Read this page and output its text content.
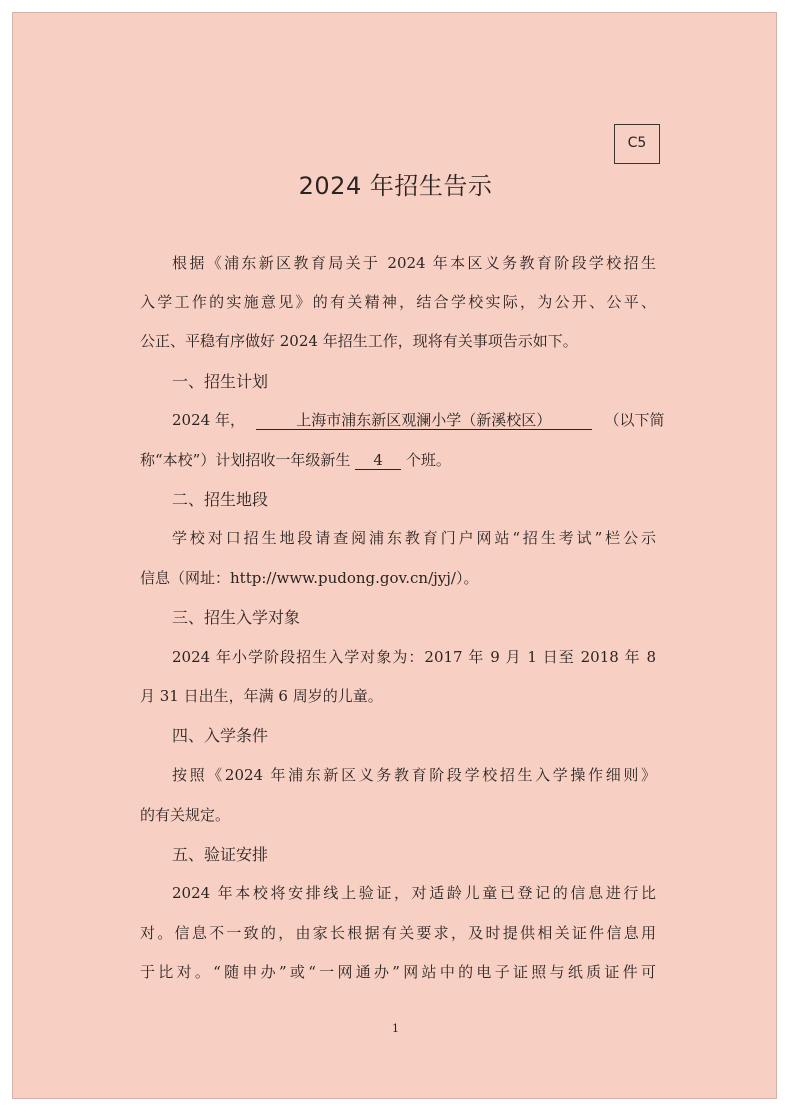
C5
2024 年招生告示
根据《浦东新区教育局关于 2024 年本区义务教育阶段学校招生
入学工作的实施意见》的有关精神，结合学校实际，为公开、公平、
公正、平稳有序做好 2024 年招生工作，现将有关事项告示如下。
一、招生计划
2024 年，	上海市浦东新区观澜小学（新溪校区）	（以下简
称“本校”）计划招收一年级新生 4 个班。
二、招生地段
学校对口招生地段请查阅浦东教育门户网站“招生考试”栏公示
信息（网址：http://www.pudong.gov.cn/jyj/）。
三、招生入学对象
2024 年小学阶段招生入学对象为：2017 年 9 月 1 日至 2018 年 8
月 31 日出生，年满 6 周岁的儿童。
四、入学条件
按照《2024 年浦东新区义务教育阶段学校招生入学操作细则》
的有关规定。
五、验证安排
2024 年本校将安排线上验证，对适龄儿童已登记的信息进行比
对。信息不一致的，由家长根据有关要求，及时提供相关证件信息用
于比对。“随申办”或“一网通办”网站中的电子证照与纸质证件可
1
